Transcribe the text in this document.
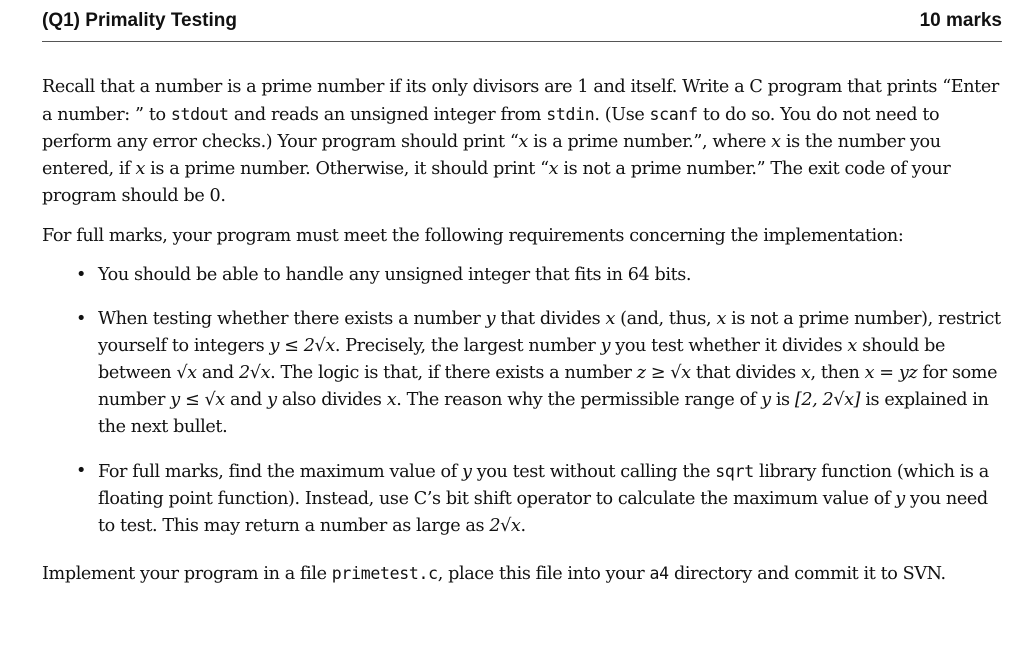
(Q1) Primality Testing	10 marks

Recall that a number is a prime number if its only divisors are 1 and itself. Write a C program that prints “Enter a number: ” to stdout and reads an unsigned integer from stdin. (Use scanf to do so. You do not need to perform any error checks.) Your program should print “x is a prime number.”, where x is the number you entered, if x is a prime number. Otherwise, it should print “x is not a prime number.” The exit code of your program should be 0.

For full marks, your program must meet the following requirements concerning the implementation:

• You should be able to handle any unsigned integer that fits in 64 bits.
• When testing whether there exists a number y that divides x (and, thus, x is not a prime number), restrict yourself to integers y ≤ 2√x. Precisely, the largest number y you test whether it divides x should be between √x and 2√x. The logic is that, if there exists a number z ≥ √x that divides x, then x = yz for some number y ≤ √x and y also divides x. The reason why the permissible range of y is [2, 2√x] is explained in the next bullet.
• For full marks, find the maximum value of y you test without calling the sqrt library function (which is a floating point function). Instead, use C’s bit shift operator to calculate the maximum value of y you need to test. This may return a number as large as 2√x.

Implement your program in a file primetest.c, place this file into your a4 directory and commit it to SVN.
